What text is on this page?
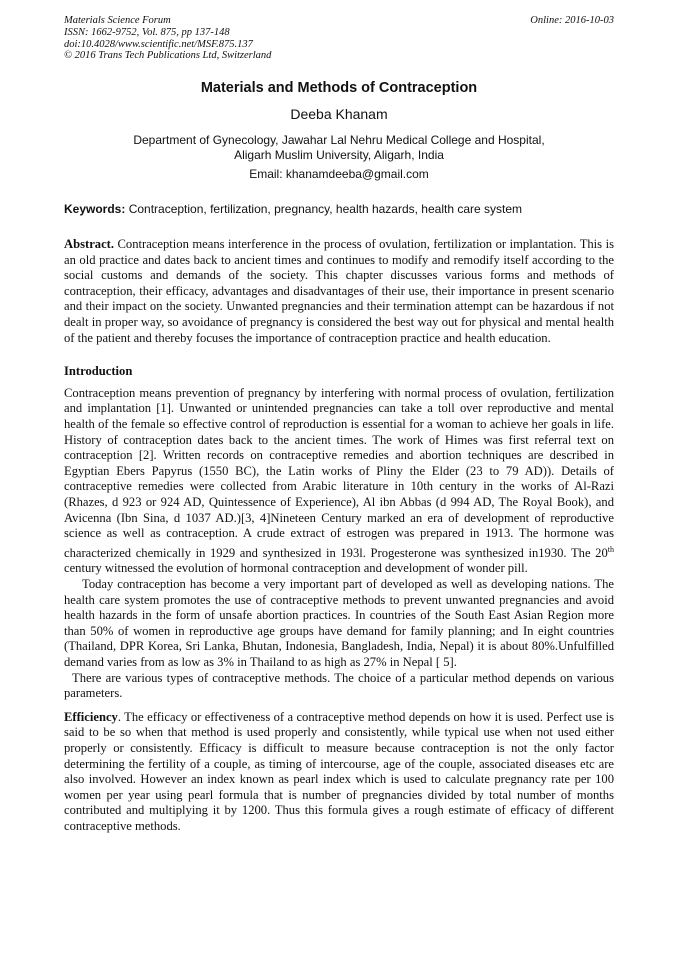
Materials Science Forum
ISSN: 1662-9752, Vol. 875, pp 137-148
doi:10.4028/www.scientific.net/MSF.875.137
© 2016 Trans Tech Publications Ltd, Switzerland
Online: 2016-10-03
Materials and Methods of Contraception
Deeba Khanam
Department of Gynecology, Jawahar Lal Nehru Medical College and Hospital,
Aligarh Muslim University, Aligarh, India
Email: khanamdeeba@gmail.com
Keywords: Contraception, fertilization, pregnancy, health hazards, health care system

Abstract. Contraception means interference in the process of ovulation, fertilization or implantation. This is an old practice and dates back to ancient times and continues to modify and remodify itself according to the social customs and demands of the society. This chapter discusses various forms and methods of contraception, their efficacy, advantages and disadvantages of their use, their importance in present scenario and their impact on the society. Unwanted pregnancies and their termination attempt can be hazardous if not dealt in proper way, so avoidance of pregnancy is considered the best way out for physical and mental health of the patient and thereby focuses the importance of contraception practice and health education.

Introduction

Contraception means prevention of pregnancy by interfering with normal process of ovulation, fertilization and implantation [1]. Unwanted or unintended pregnancies can take a toll over reproductive and mental health of the female so effective control of reproduction is essential for a woman to achieve her goals in life. History of contraception dates back to the ancient times. The work of Himes was first referral text on contraception [2]. Written records on contraceptive remedies and abortion techniques are described in Egyptian Ebers Papyrus (1550 BC), the Latin works of Pliny the Elder (23 to 79 AD)). Details of contraceptive remedies were collected from Arabic literature in 10th century in the works of Al-Razi (Rhazes, d 923 or 924 AD, Quintessence of Experience), Al ibn Abbas (d 994 AD, The Royal Book), and Avicenna (Ibn Sina, d 1037 AD.)[3, 4]Nineteen Century marked an era of development of reproductive science as well as contraception. A crude extract of estrogen was prepared in 1913. The hormone was characterized chemically in 1929 and synthesized in 193l. Progesterone was synthesized in1930. The 20th century witnessed the evolution of hormonal contraception and development of wonder pill.

Today contraception has become a very important part of developed as well as developing nations. The health care system promotes the use of contraceptive methods to prevent unwanted pregnancies and avoid health hazards in the form of unsafe abortion practices. In countries of the South East Asian Region more than 50% of women in reproductive age groups have demand for family planning; and In eight countries (Thailand, DPR Korea, Sri Lanka, Bhutan, Indonesia, Bangladesh, India, Nepal) it is about 80%.Unfulfilled demand varies from as low as 3% in Thailand to as high as 27% in Nepal [ 5].

There are various types of contraceptive methods. The choice of a particular method depends on various parameters.

Efficiency. The efficacy or effectiveness of a contraceptive method depends on how it is used. Perfect use is said to be so when that method is used properly and consistently, while typical use when not used either properly or consistently. Efficacy is difficult to measure because contraception is not the only factor determining the fertility of a couple, as timing of intercourse, age of the couple, associated diseases etc are also involved. However an index known as pearl index which is used to calculate pregnancy rate per 100 women per year using pearl formula that is number of pregnancies divided by total number of months contributed and multiplying it by 1200. Thus this formula gives a rough estimate of efficacy of different contraceptive methods.
